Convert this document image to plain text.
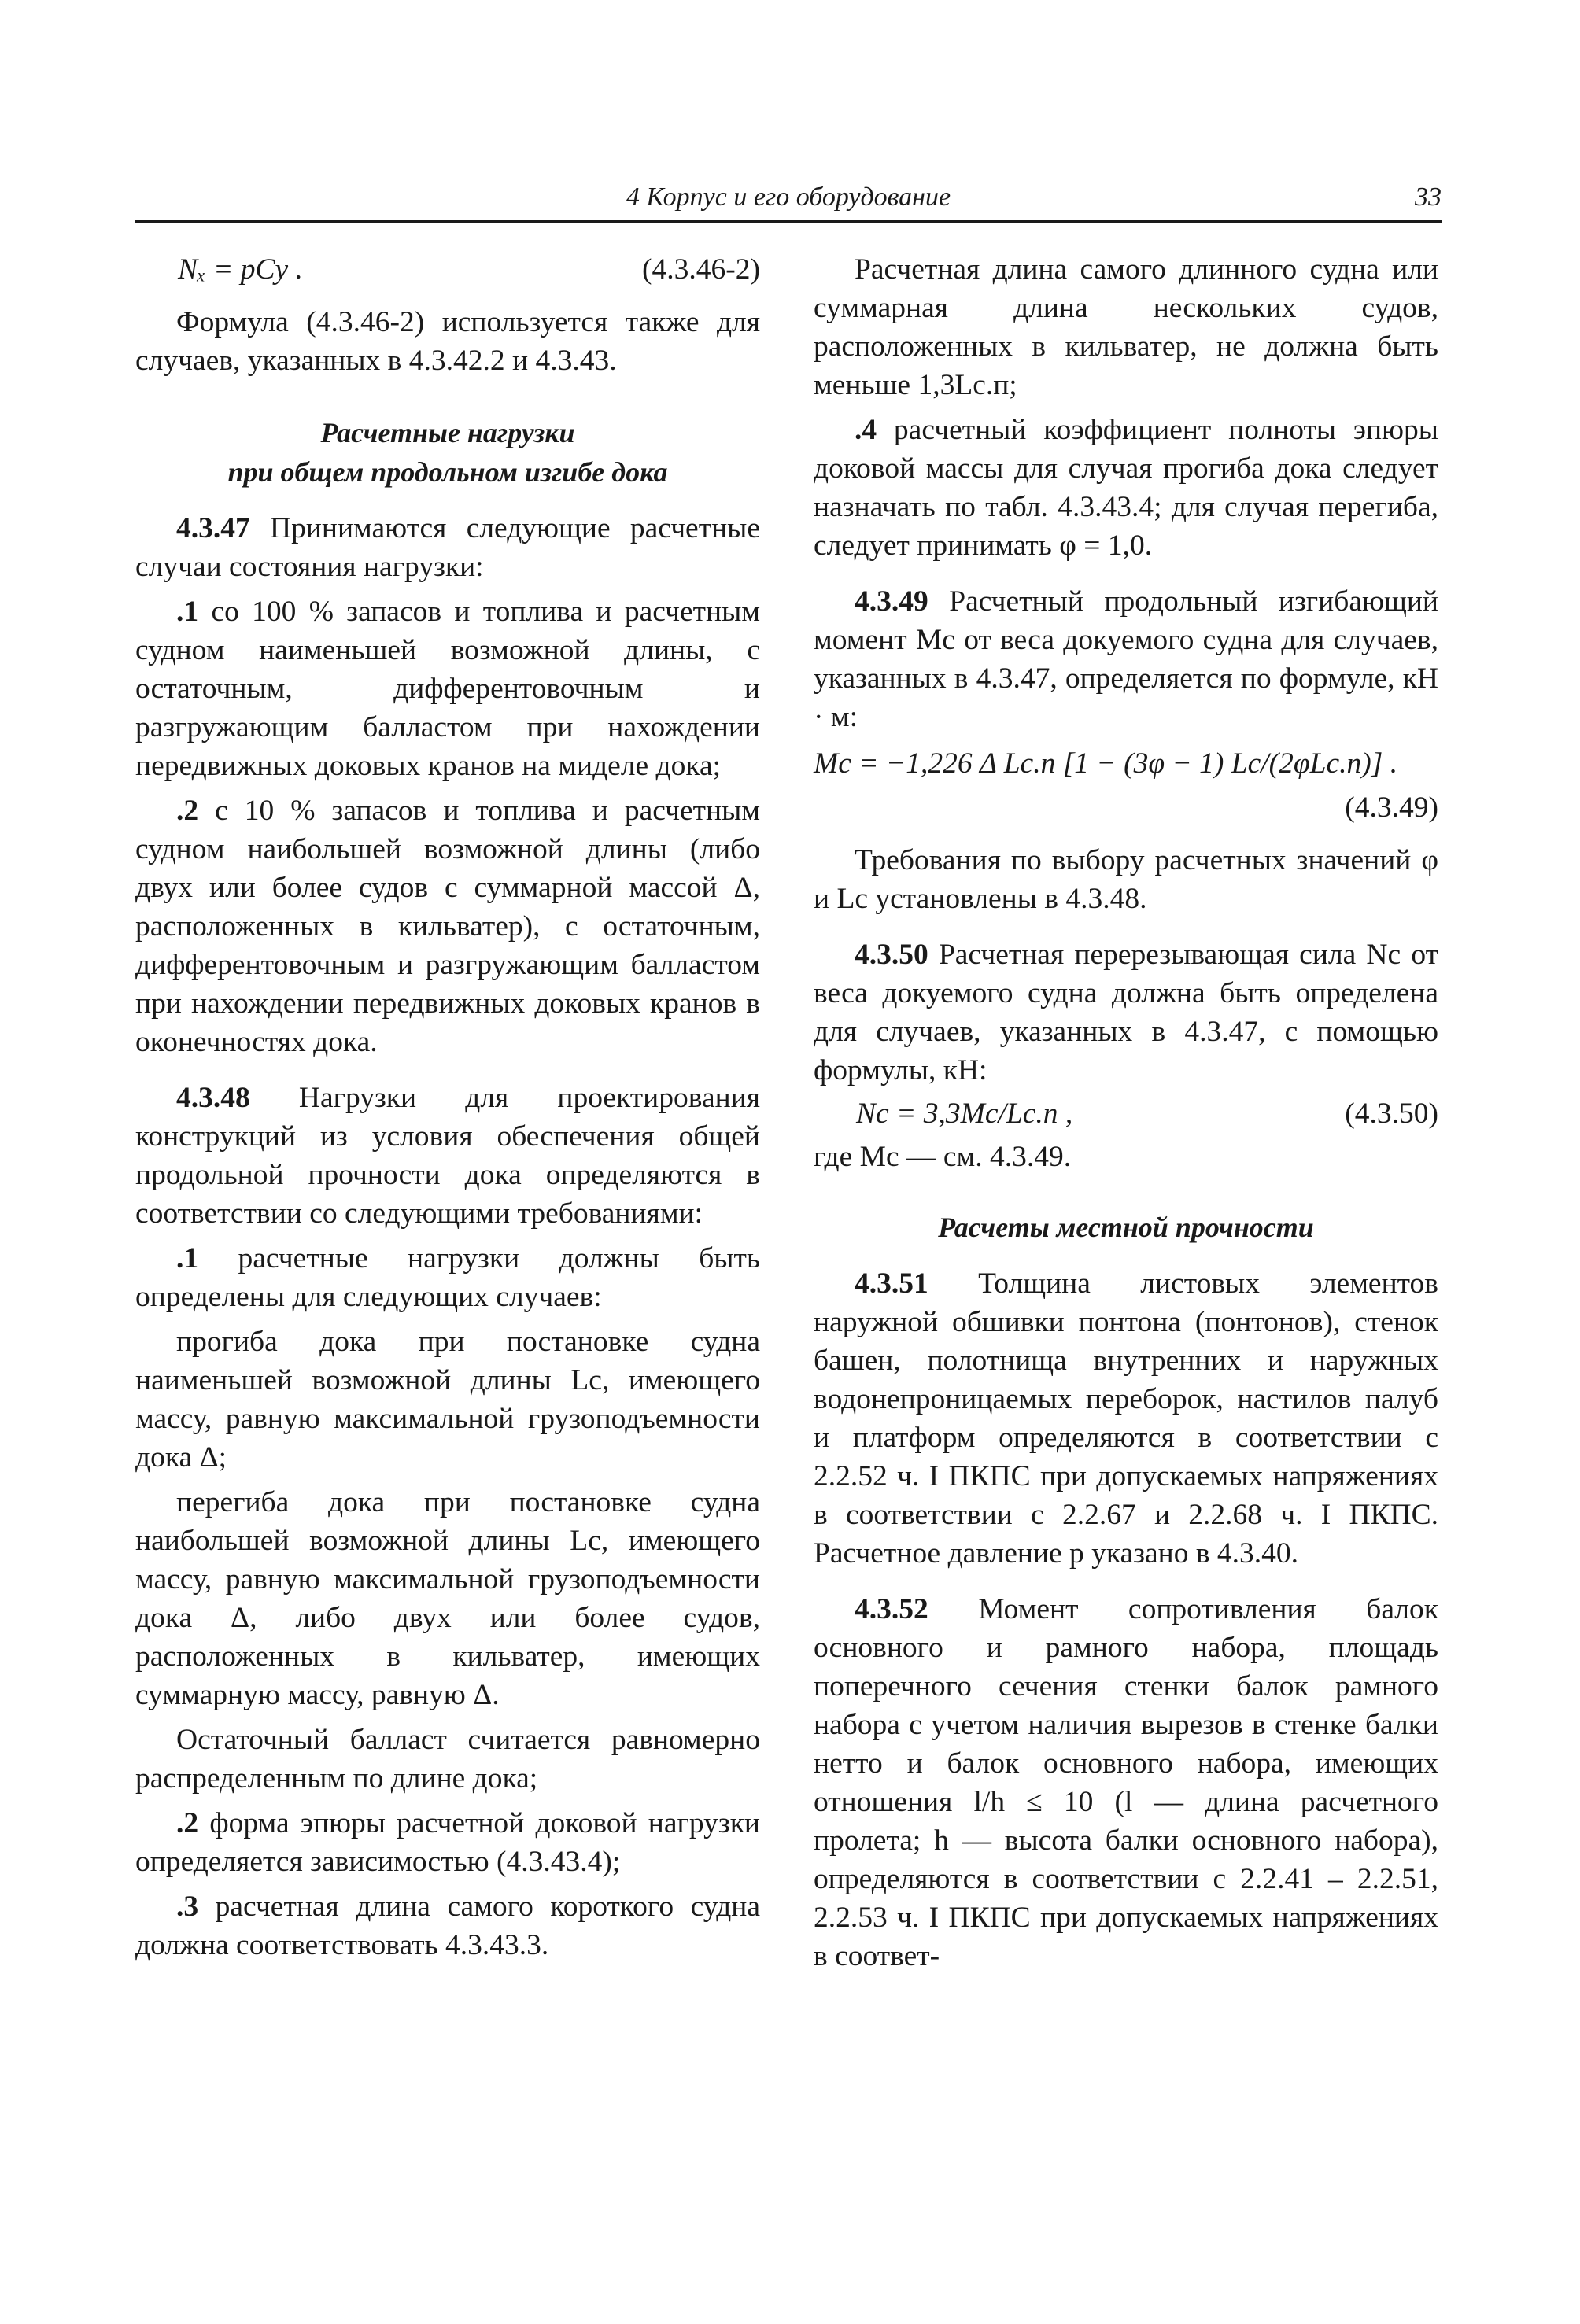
4 Корпус и его оборудование	33
Nₓ = pCy .	(4.3.46-2)

Формула (4.3.46-2) используется также для случаев, указанных в 4.3.42.2 и 4.3.43.

Расчетные нагрузки
при общем продольном изгибе дока

4.3.47 Принимаются следующие расчетные случаи состояния нагрузки:

.1 со 100 % запасов и топлива и расчетным судном наименьшей возможной длины, с остаточным, дифферентовочным и разгружающим балластом при нахождении передвижных доковых кранов на миделе дока;

.2 с 10 % запасов и топлива и расчетным судном наибольшей возможной длины (либо двух или более судов с суммарной массой Δ, расположенных в кильватер), с остаточным, дифферентовочным и разгружающим балластом при нахождении передвижных доковых кранов в оконечностях дока.

4.3.48 Нагрузки для проектирования конструкций из условия обеспечения общей продольной прочности дока определяются в соответствии со следующими требованиями:

.1 расчетные нагрузки должны быть определены для следующих случаев:

прогиба дока при постановке судна наименьшей возможной длины Lс, имеющего массу, равную максимальной грузоподъемности дока Δ;

перегиба дока при постановке судна наибольшей возможной длины Lс, имеющего массу, равную максимальной грузоподъемности дока Δ, либо двух или более судов, расположенных в кильватер, имеющих суммарную массу, равную Δ.

Остаточный балласт считается равномерно распределенным по длине дока;

.2 форма эпюры расчетной доковой нагрузки определяется зависимостью (4.3.43.4);

.3 расчетная длина самого короткого судна должна соответствовать 4.3.43.3.

Расчетная длина самого длинного судна или суммарная длина нескольких судов, расположенных в кильватер, не должна быть меньше 1,3Lс.п;

.4 расчетный коэффициент полноты эпюры доковой массы для случая прогиба дока следует назначать по табл. 4.3.43.4; для случая перегиба, следует принимать φ = 1,0.

4.3.49 Расчетный продольный изгибающий момент Mс от веса докуемого судна для случаев, указанных в 4.3.47, определяется по формуле, кН · м:

Mс = −1,226 Δ Lс.п [1 − (3φ − 1) Lс/(2φLс.п)] .
(4.3.49)

Требования по выбору расчетных значений φ и Lс установлены в 4.3.48.

4.3.50 Расчетная перерезывающая сила Nс от веса докуемого судна должна быть определена для случаев, указанных в 4.3.47, с помощью формулы, кН:

Nс = 3,3Mс/Lс.п ,	(4.3.50)

где Mс — см. 4.3.49.

Расчеты местной прочности

4.3.51 Толщина листовых элементов наружной обшивки понтона (понтонов), стенок башен, полотнища внутренних и наружных водонепроницаемых переборок, настилов палуб и платформ определяются в соответствии с 2.2.52 ч. I ПКПС при допускаемых напряжениях в соответствии с 2.2.67 и 2.2.68 ч. I ПКПС. Расчетное давление p указано в 4.3.40.

4.3.52 Момент сопротивления балок основного и рамного набора, площадь поперечного сечения стенки балок рамного набора с учетом наличия вырезов в стенке балки нетто и балок основного набора, имеющих отношения l/h ≤ 10 (l — длина расчетного пролета; h — высота балки основного набора), определяются в соответствии с 2.2.41 – 2.2.51, 2.2.53 ч. I ПКПС при допускаемых напряжениях в соответ-
